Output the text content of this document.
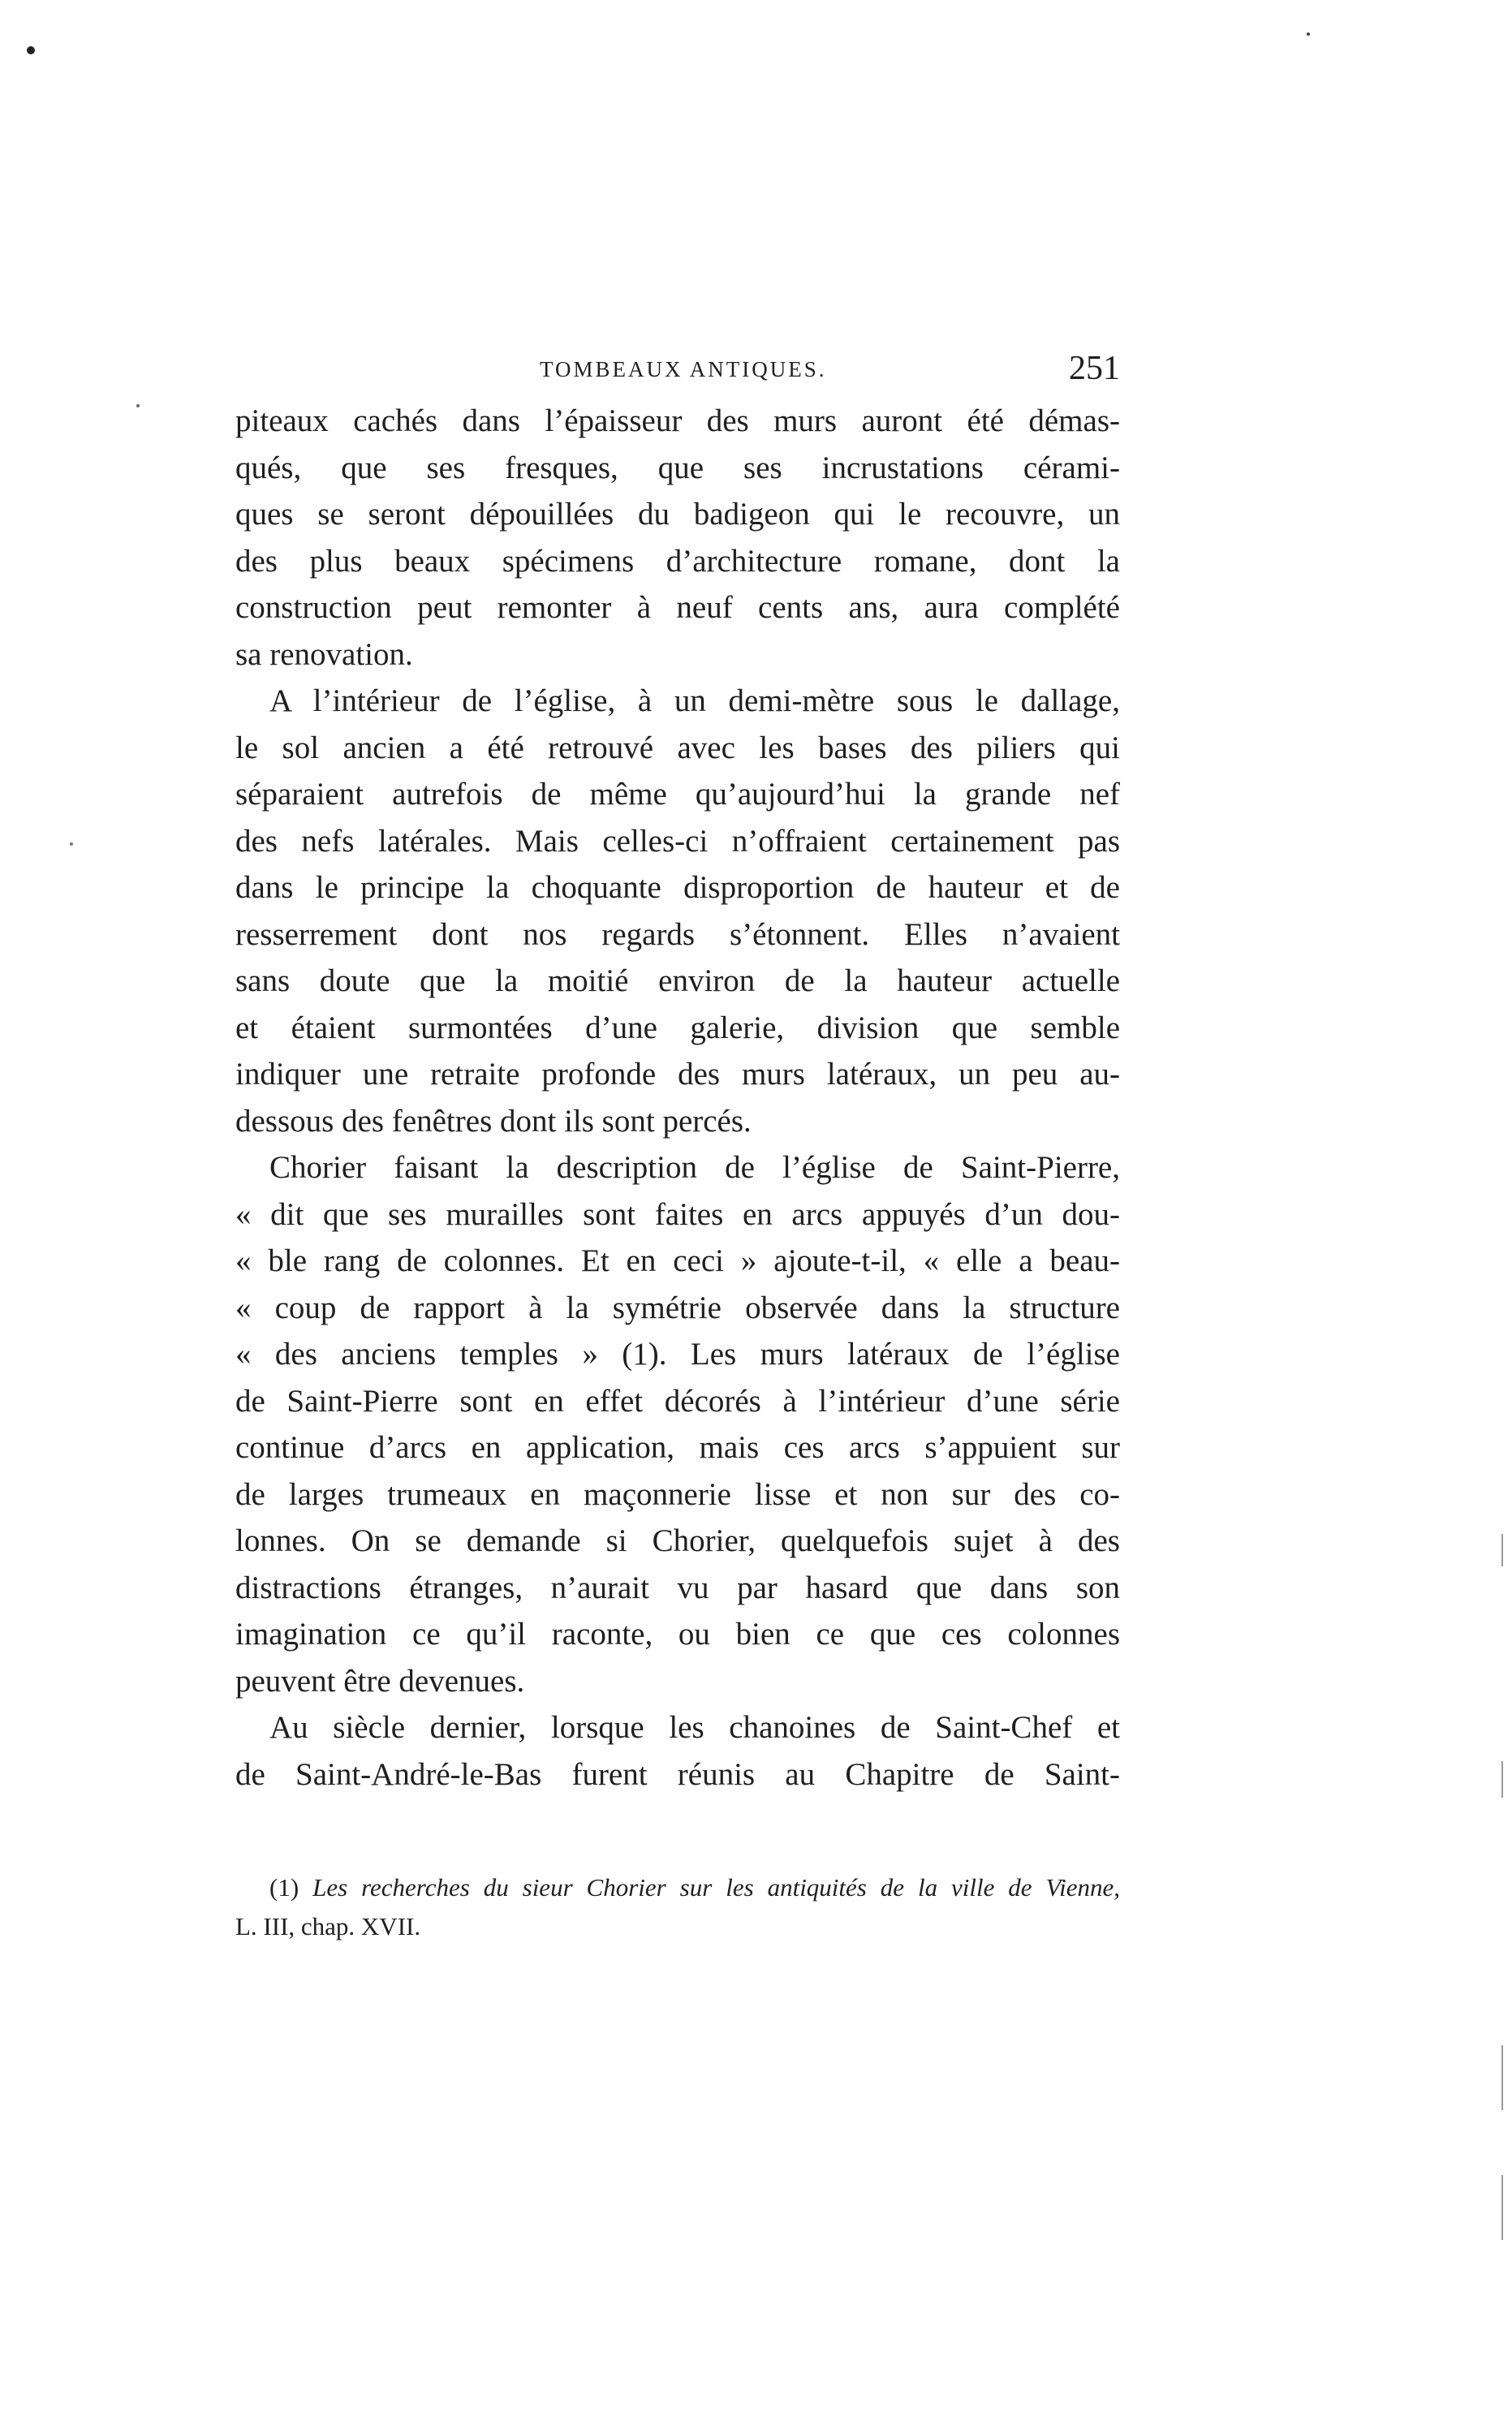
TOMBEAUX ANTIQUES.	251
piteaux cachés dans l’épaisseur des murs auront été démas-
qués, que ses fresques, que ses incrustations cérami-
ques se seront dépouillées du badigeon qui le recouvre, un
des plus beaux spécimens d’architecture romane, dont la
construction peut remonter à neuf cents ans, aura complété
sa renovation.
A l’intérieur de l’église, à un demi-mètre sous le dallage,
le sol ancien a été retrouvé avec les bases des piliers qui
séparaient autrefois de même qu’aujourd’hui la grande nef
des nefs latérales. Mais celles-ci n’offraient certainement pas
dans le principe la choquante disproportion de hauteur et de
resserrement dont nos regards s’étonnent. Elles n’avaient
sans doute que la moitié environ de la hauteur actuelle
et étaient surmontées d’une galerie, division que semble
indiquer une retraite profonde des murs latéraux, un peu au-
dessous des fenêtres dont ils sont percés.
Chorier faisant la description de l’église de Saint-Pierre,
« dit que ses murailles sont faites en arcs appuyés d’un dou-
« ble rang de colonnes. Et en ceci » ajoute-t-il, « elle a beau-
« coup de rapport à la symétrie observée dans la structure
« des anciens temples » (1). Les murs latéraux de l’église
de Saint-Pierre sont en effet décorés à l’intérieur d’une série
continue d’arcs en application, mais ces arcs s’appuient sur
de larges trumeaux en maçonnerie lisse et non sur des co-
lonnes. On se demande si Chorier, quelquefois sujet à des
distractions étranges, n’aurait vu par hasard que dans son
imagination ce qu’il raconte, ou bien ce que ces colonnes
peuvent être devenues.
Au siècle dernier, lorsque les chanoines de Saint-Chef et
de Saint-André-le-Bas furent réunis au Chapitre de Saint-
(1) Les recherches du sieur Chorier sur les antiquités de la ville de Vienne,
L. III, chap. XVII.
